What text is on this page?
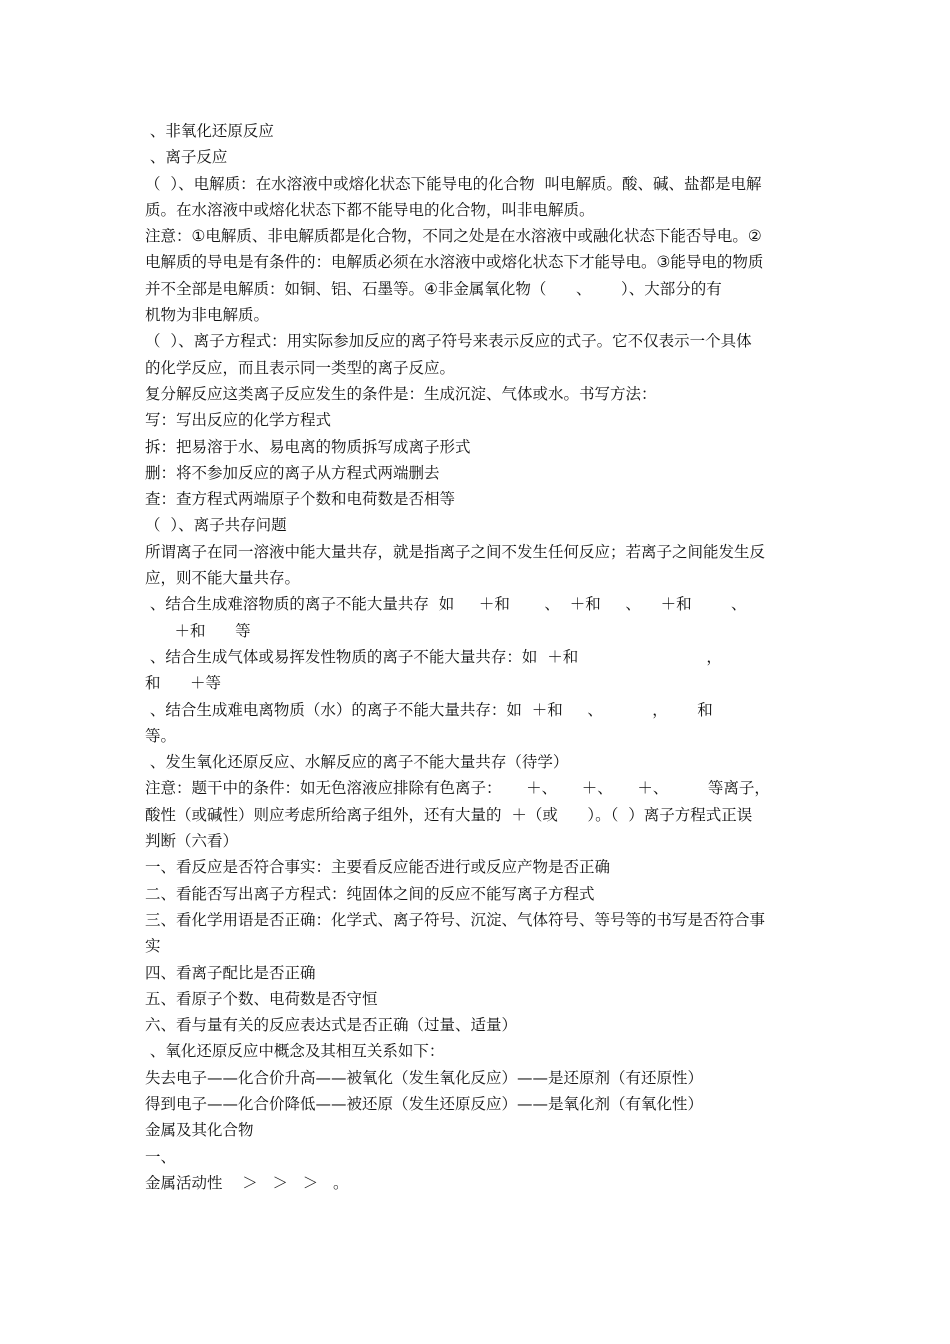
、非氧化还原反应
、离子反应
（  ）、电解质：在水溶液中或熔化状态下能导电的化合物  叫电解质。酸、碱、盐都是电解
质。在水溶液中或熔化状态下都不能导电的化合物，叫非电解质。
注意：①电解质、非电解质都是化合物，不同之处是在水溶液中或融化状态下能否导电。②
电解质的导电是有条件的：电解质必须在水溶液中或熔化状态下才能导电。③能导电的物质
并不全部是电解质：如铜、铝、石墨等。④非金属氧化物（      、      ）、大部分的有
机物为非电解质。
（  ）、离子方程式：用实际参加反应的离子符号来表示反应的式子。它不仅表示一个具体
的化学反应，而且表示同一类型的离子反应。
复分解反应这类离子反应发生的条件是：生成沉淀、气体或水。书写方法：
写：写出反应的化学方程式
拆：把易溶于水、易电离的物质拆写成离子形式
删：将不参加反应的离子从方程式两端删去
查：查方程式两端原子个数和电荷数是否相等
（  ）、离子共存问题
所谓离子在同一溶液中能大量共存，就是指离子之间不发生任何反应；若离子之间能发生反
应，则不能大量共存。
、结合生成难溶物质的离子不能大量共存  如     ＋和       、  ＋和     、    ＋和        、
＋和      等
、结合生成气体或易挥发性物质的离子不能大量共存：如  ＋和                          ，
和      ＋等
、结合生成难电离物质（水）的离子不能大量共存：如  ＋和     、          ，      和
等。
、发生氧化还原反应、水解反应的离子不能大量共存（待学）
注意：题干中的条件：如无色溶液应排除有色离子：     ＋、     ＋、     ＋、        等离子，
酸性（或碱性）则应考虑所给离子组外，还有大量的  ＋（或      ）。（  ）离子方程式正误
判断（六看）
一、看反应是否符合事实：主要看反应能否进行或反应产物是否正确
二、看能否写出离子方程式：纯固体之间的反应不能写离子方程式
三、看化学用语是否正确：化学式、离子符号、沉淀、气体符号、等号等的书写是否符合事
实
四、看离子配比是否正确
五、看原子个数、电荷数是否守恒
六、看与量有关的反应表达式是否正确（过量、适量）
、氧化还原反应中概念及其相互关系如下：
失去电子——化合价升高——被氧化（发生氧化反应）——是还原剂（有还原性）
得到电子——化合价降低——被还原（发生还原反应）——是氧化剂（有氧化性）
金属及其化合物
一、
金属活动性    ＞   ＞   ＞   。
